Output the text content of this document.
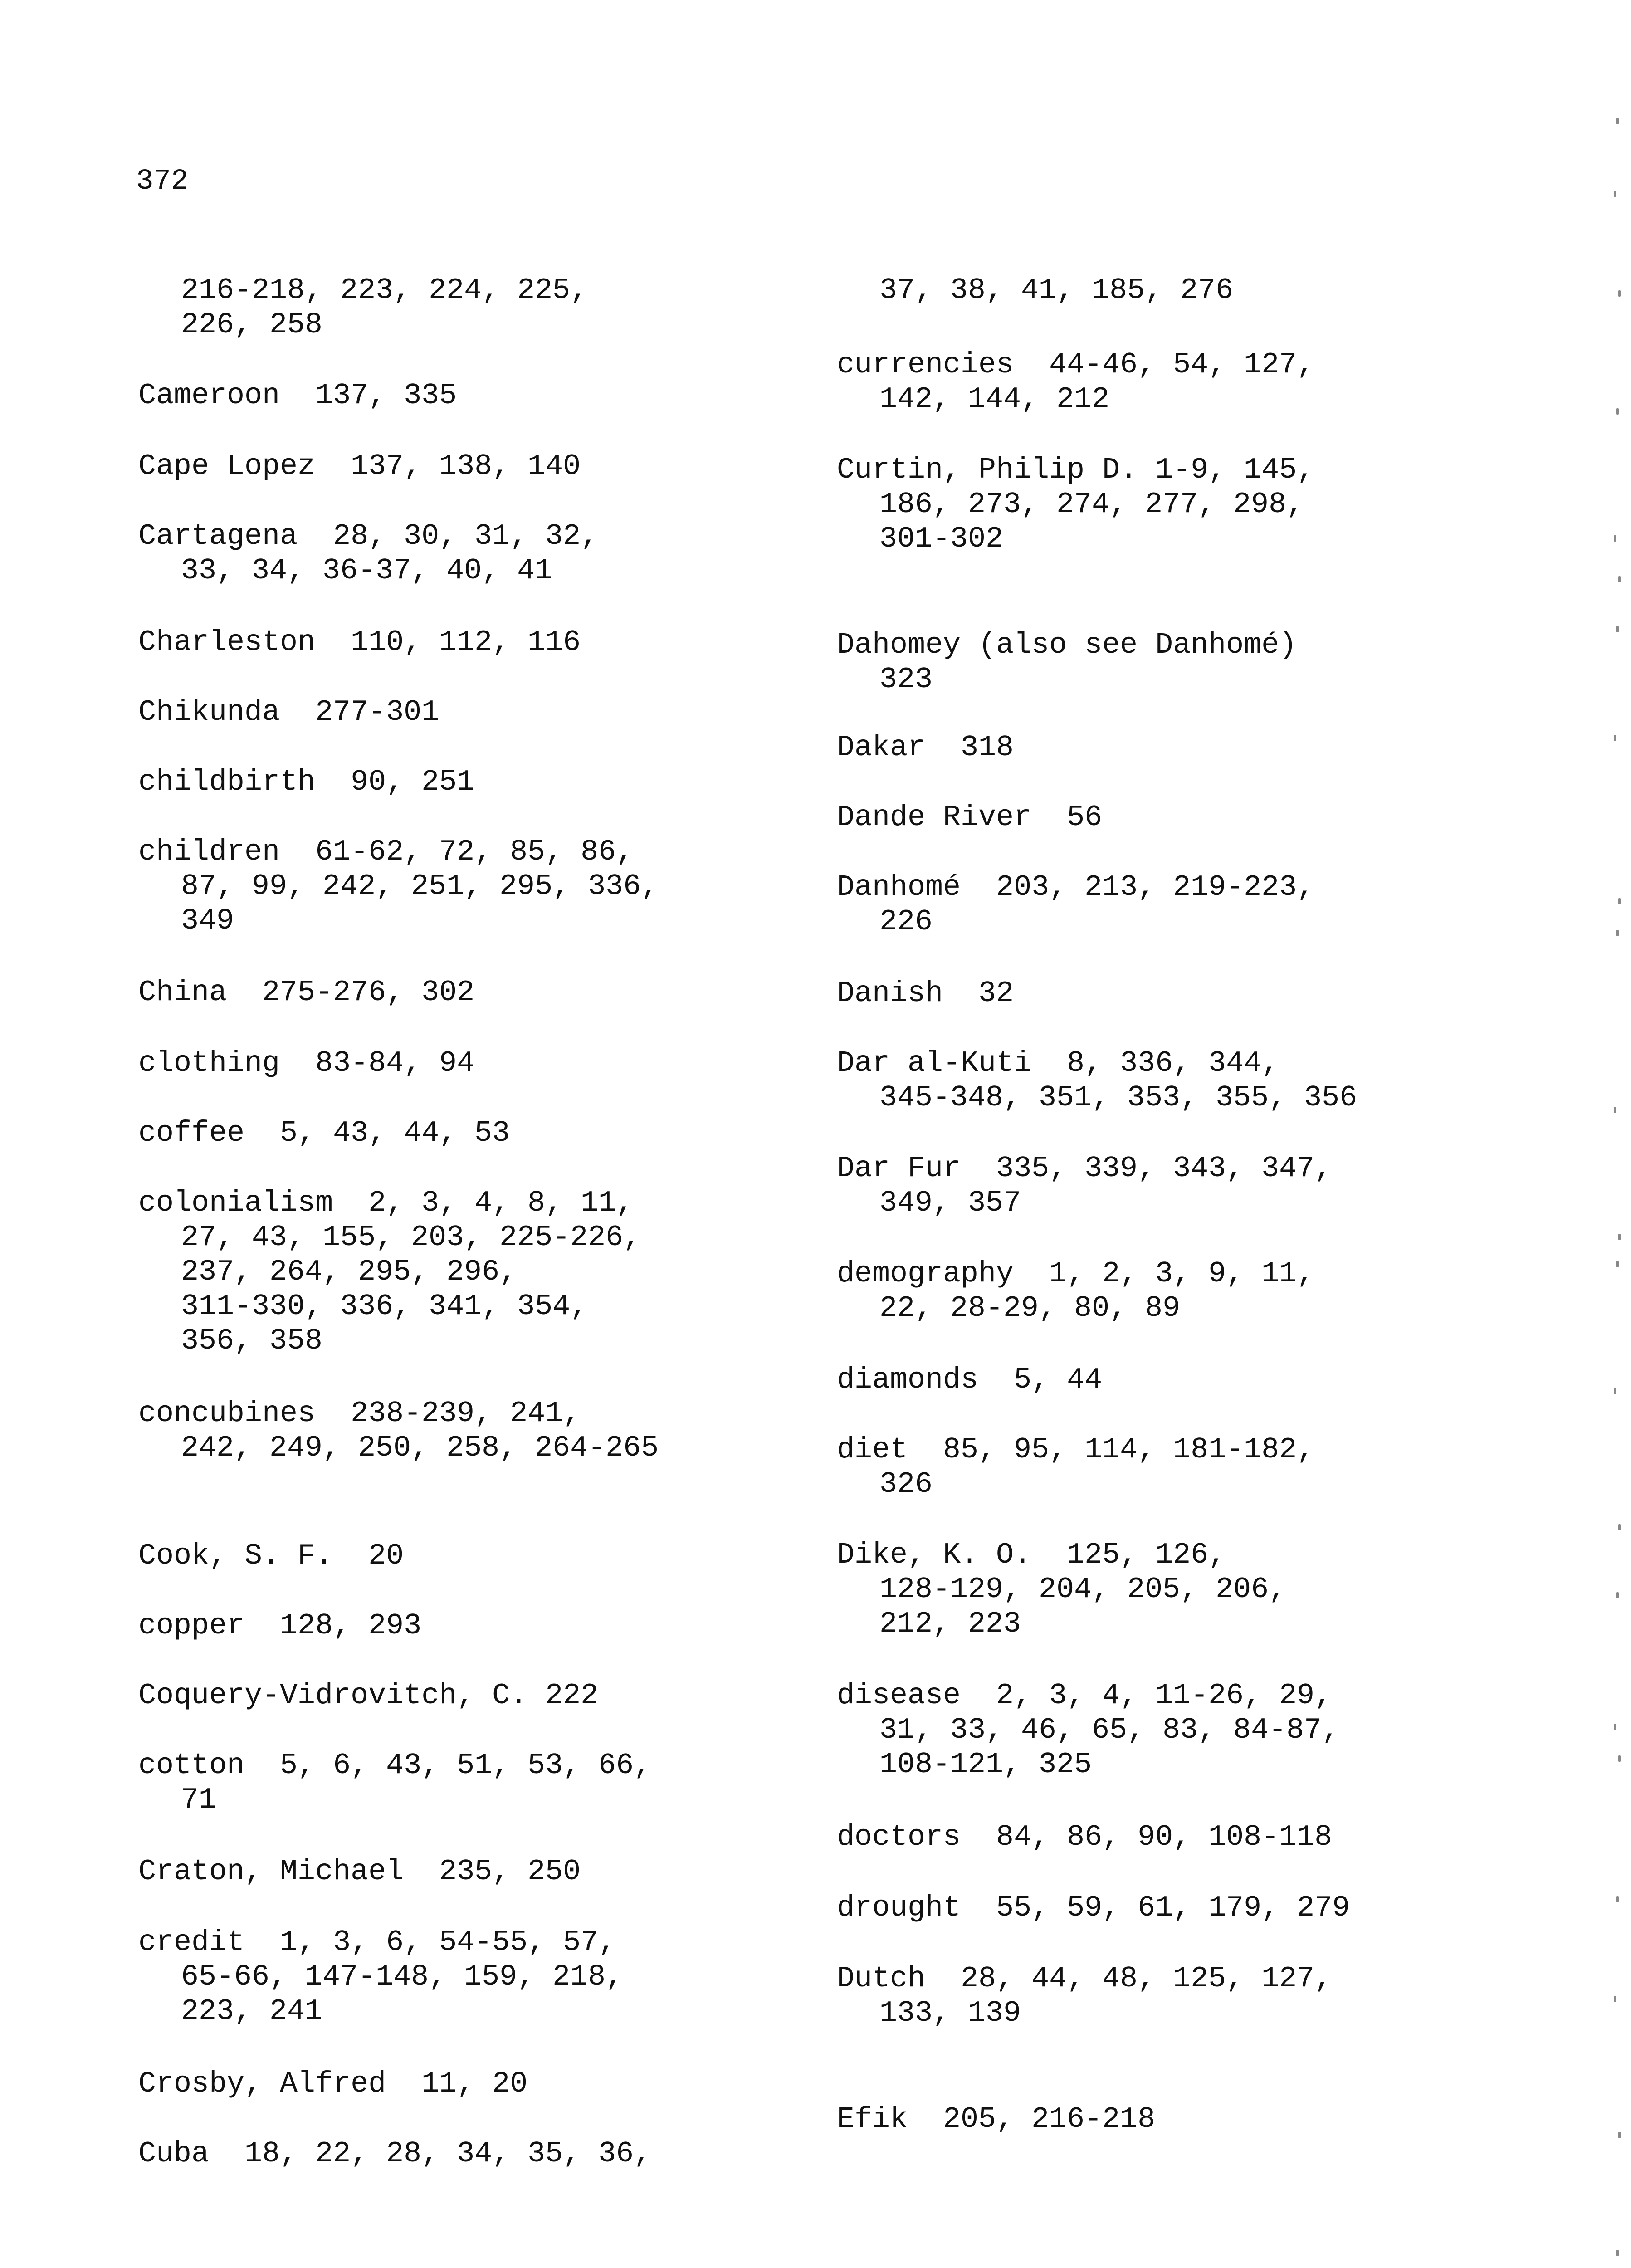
372
216-218, 223, 224, 225,
226, 258
Cameroon  137, 335
Cape Lopez  137, 138, 140
Cartagena  28, 30, 31, 32,
33, 34, 36-37, 40, 41
Charleston  110, 112, 116
Chikunda  277-301
childbirth  90, 251
children  61-62, 72, 85, 86,
87, 99, 242, 251, 295, 336,
349
China  275-276, 302
clothing  83-84, 94
coffee  5, 43, 44, 53
colonialism  2, 3, 4, 8, 11,
27, 43, 155, 203, 225-226,
237, 264, 295, 296,
311-330, 336, 341, 354,
356, 358
concubines  238-239, 241,
242, 249, 250, 258, 264-265
Cook, S. F.  20
copper  128, 293
Coquery-Vidrovitch, C. 222
cotton  5, 6, 43, 51, 53, 66,
71
Craton, Michael  235, 250
credit  1, 3, 6, 54-55, 57,
65-66, 147-148, 159, 218,
223, 241
Crosby, Alfred  11, 20
Cuba  18, 22, 28, 34, 35, 36,
37, 38, 41, 185, 276
currencies  44-46, 54, 127,
142, 144, 212
Curtin, Philip D. 1-9, 145,
186, 273, 274, 277, 298,
301-302
Dahomey (also see Danhomé)
323
Dakar  318
Dande River  56
Danhomé  203, 213, 219-223,
226
Danish  32
Dar al-Kuti  8, 336, 344,
345-348, 351, 353, 355, 356
Dar Fur  335, 339, 343, 347,
349, 357
demography  1, 2, 3, 9, 11,
22, 28-29, 80, 89
diamonds  5, 44
diet  85, 95, 114, 181-182,
326
Dike, K. O.  125, 126,
128-129, 204, 205, 206,
212, 223
disease  2, 3, 4, 11-26, 29,
31, 33, 46, 65, 83, 84-87,
108-121, 325
doctors  84, 86, 90, 108-118
drought  55, 59, 61, 179, 279
Dutch  28, 44, 48, 125, 127,
133, 139
Efik  205, 216-218
